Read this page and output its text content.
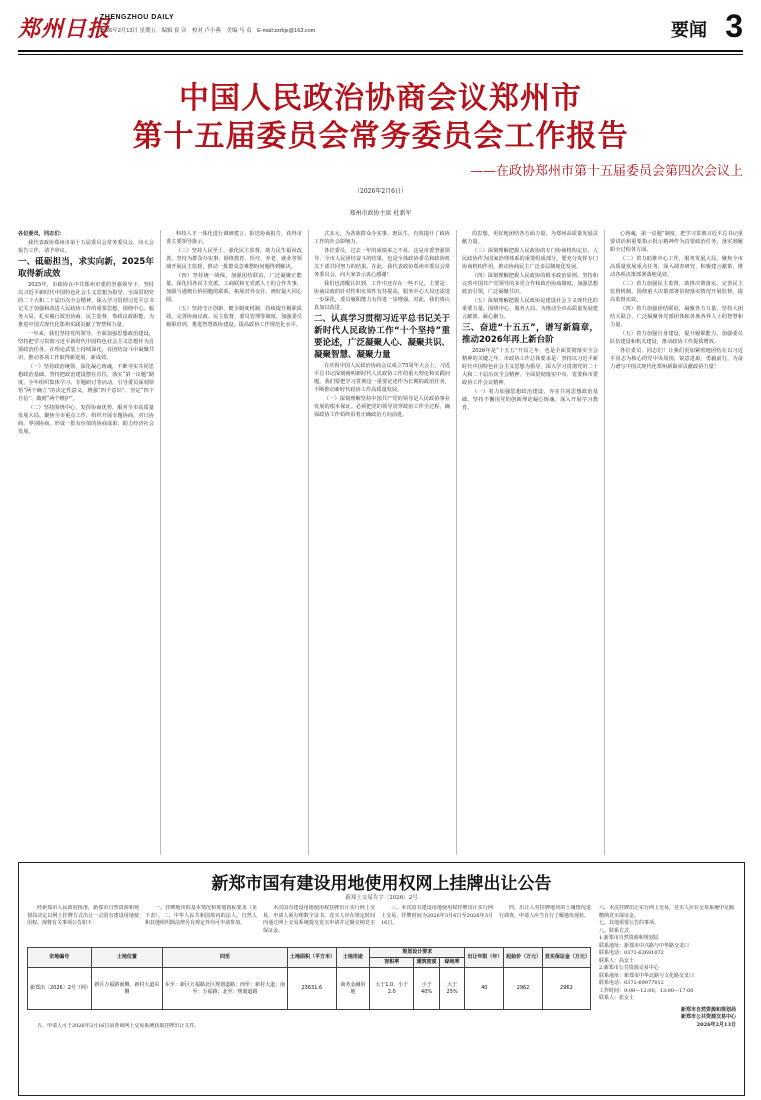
郑州日报
ZHENGZHOU DAILY
2026年2月13日 星期五　编辑 崔 音　校对 卢小燕　美编 马 贞　E-mail:zzrbjx@163.com	要闻 3
中国人民政治协商会议郑州市
第十五届委员会常务委员会工作报告
——在政协郑州市第十五届委员会第四次会议上
（2026年2月6日）
郑州市政协主席 杜新军

各位委员，同志们：

我代表政协郑州市第十五届委员会常务委员会，向大会报告工作，请予审议。

一、砥砺担当，求实向新，2025年取得新成效

2025年，市政协在中共郑州市委的坚强领导下，坚持以习近平新时代中国特色社会主义思想为指导，全面贯彻党的二十大和二十届历次全会精神，深入学习贯彻习近平总书记关于加强和改进人民政协工作的重要思想，围绕中心、服务大局，扎实履行政治协商、民主监督、参政议政职能，为推进中国式现代化郑州实践贡献了智慧和力量。

一年来，我们坚持党的领导，全面加强思想政治建设，坚持把学习贯彻习近平新时代中国特色社会主义思想作为首要政治任务，在理论武装上持续深化，在团结奋斗中凝聚共识，推动各项工作取得新进展、新成效。

（一）坚持政治统领，深化凝心铸魂，不断夯实共同思想政治基础。坚持把政治建设摆在首位，落实“第一议题”制度，全年组织集体学习、专题研讨等活动，引导委员深刻领悟“两个确立”的决定性意义，增强“四个意识”、坚定“四个自信”、做到“两个维护”。

（二）坚持围绕中心，发挥协商优势，服务全市高质量发展大局。聚焦全市重点工作，组织开展专题协商、对口协商、界别协商，形成一批有价值的协商成果，助力经济社会发展。

科技人才一体化进行调研建言，报送协商报告，获得市委主要领导批示。

（三）坚持人民至上，强化民主监督，助力民生福祉改善。坚持为群众办实事，围绕教育、医疗、养老、就业等领域开展民主监督，推动一批群众急难愁盼问题得到解决。

（四）坚持统一战线，加强团结联谊，广泛凝聚正能量。深化同各民主党派、工商联和无党派人士的合作共事，加强与港澳台侨同胞的联系，拓展对外交往，画好最大同心圆。

（五）坚持守正创新，健全制度机制，持续提升履职质效。完善协商议政、民主监督、委员管理等制度，加强委员履职培训，推进智慧政协建设，提高政协工作规范化水平。

式多元，为各族群众办实事、惠民生，有效提升了政协工作的社会影响力。

各位委员，过去一年的成绩来之不易。这是市委坚强领导、全市人民团结奋斗的结果，也是全体政协委员和政协机关干部共同努力的结果。在此，我代表政协郑州市委员会常务委员会，向大家表示衷心感谢！

我们也清醒认识到，工作中还存在一些不足。主要是：协商议政的针对性和实效性有待提高，服务中心大局还需进一步深化，委员履职能力有待进一步增强。对此，我们将认真加以改进。

二、认真学习贯彻习近平总书记关于新时代人民政协工作“十个坚持”重要论述，广泛凝聚人心、凝聚共识、凝聚智慧、凝聚力量

在庆祝中国人民政治协商会议成立75周年大会上，习近平总书记深刻阐明新时代人民政协工作的重大理论和实践问题。我们要把学习贯彻这一重要论述作为长期的政治任务，不断推动新时代政协工作高质量发展。

（一）深刻理解坚持中国共产党的领导是人民政协事业发展的根本保证。必须把党的领导贯穿政协工作全过程，确保政协工作始终沿着正确政治方向前进。

的思想，更好地团结各方面力量，为郑州高质量发展贡献力量。

（三）深刻理解把握人民政协的专门协商机构定位。人民政协作为国家治理体系的重要组成部分，要充分发挥专门协商机构作用，推动协商民主广泛多层制度化发展。

（四）深刻理解把握人民政协的根本政治原则。坚持和完善中国共产党领导的多党合作和政治协商制度，加强思想政治引领，广泛凝聚共识。

（五）深刻理解把握人民政协是建设社会主义现代化的重要力量。围绕中心，服务大局，为推动全市高质量发展建言献策、凝心聚力。

三、奋进“十五五”，谱写新篇章，推动2026年再上新台阶

2026年是“十五五”开局之年，也是全面贯彻落实全会精神的关键之年。市政协工作总体要求是：坚持以习近平新时代中国特色社会主义思想为指导，深入学习贯彻党的二十大和二十届历次全会精神，全面贯彻落实中央、省委和市委政协工作会议精神。

（一）着力加强思想政治建设，夯实共同思想政治基础。坚持不懈用党的创新理论凝心铸魂，深入开展学习教育。

心铸魂，第一议题”制度，把学习贯彻习近平总书记重要讲话和重要指示批示精神作为首要政治任务，落实到履职全过程各方面。

（二）着力助推中心工作，服务发展大局。聚焦全市高质量发展重点任务，深入调查研究，积极建言献策，推动各项决策部署落地见效。

（三）着力加强民主监督，助推决策落实。完善民主监督机制，围绕重大决策部署贯彻落实情况开展监督，提高监督实效。

（四）着力加强团结联谊，凝聚各方力量。坚持大团结大联合，广泛凝聚各党派团体和各族各界人士的智慧和力量。

（五）着力加强自身建设，提升履职能力。加强委员队伍建设和机关建设，推动政协工作提质增效。

各位委员、同志们！让我们更加紧密地团结在以习近平同志为核心的党中央周围，锐意进取，勇毅前行，为奋力谱写中国式现代化郑州新篇章贡献政协力量！

新郑市国有建设用地使用权网上挂牌出让公告
新郑土交易告字〔2026〕2号

经新郑市人民政府批准，新郑市自然资源和规划局决定以网上挂牌方式出让一宗国有建设用地使用权。现将有关事项公告如下：

一、挂牌地块的基本情况和规划指标要求（见下表）。二、中华人民共和国境内的法人、自然人和其他组织除法律另有规定外均可申请参加。

本次国有建设用地使用权挂牌出让实行网上交易，申请人须办理数字证书。竞买人应在规定时间内通过网上交易系统提交竞买申请并足额交纳竞买保证金。

三、本次国有建设用地使用权挂牌出让实行网上交易，挂牌时间为2026年3月6日至2026年3月16日。

四、出让人对挂牌地块的土壤情况进行调查，申请人应当自行了解地块现状。

宗地编号	土地位置	四至	土地面积（平方米）	土地用途	规划设计要求			出让年限（年）	起始价（万元）	竞买保证金（万元）
					容积率	建筑密度	绿地率			
新郑出〔2026〕2号（网）	新区万福路南侧、新村大道东侧	东至：新区万福路北区规划道路；西至：新村大道；南至：万福路；北至：规划道路	23631.6	商务金融用地	大于1.0，小于2.0	小于40%	大于25%	40	2962	2962

五、申请人可于2026年3月16日前查询网上交易系统获取挂牌出让文件。

六、本次挂牌出让实行网上交易，竞买人应在交易系统中足额缴纳竞买保证金。

七、其他需要公告的事项。

八、联系方式

1.新郑市自然资源和规划局

联系地址：新郑市中兴路与中华路交叉口

联系电话：0371-62691072

联系人：高女士

2.新郑市公共资源交易中心

联系地址：新郑市中华北路与文化路交叉口

联系电话：0371-69977012

工作时间：9:00—12:00，13:00—17:00

联系人：张女士

新郑市自然资源和规划局

新郑市公共资源交易中心

2026年2月13日
